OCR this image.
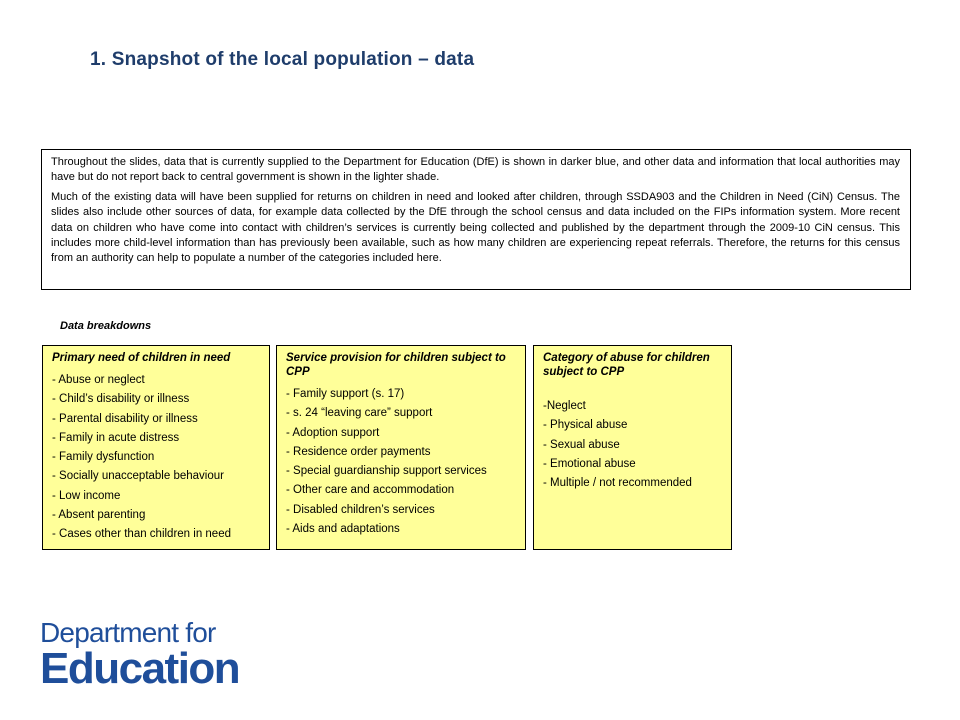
1. Snapshot of the local population – data

Throughout the slides, data that is currently supplied to the Department for Education (DfE) is shown in darker blue, and other data and information that local authorities may have but do not report back to central government is shown in the lighter shade.

Much of the existing data will have been supplied for returns on children in need and looked after children, through SSDA903 and the Children in Need (CiN) Census. The slides also include other sources of data, for example data collected by the DfE through the school census and data included on the FIPs information system. More recent data on children who have come into contact with children’s services is currently being collected and published by the department through the 2009-10 CiN census. This includes more child-level information than has previously been available, such as how many children are experiencing repeat referrals. Therefore, the returns for this census from an authority can help to populate a number of the categories included here.

Data breakdowns
Primary need of children in need
- Abuse or neglect
- Child’s disability or illness
- Parental disability or illness
- Family in acute distress
- Family dysfunction
- Socially unacceptable behaviour
- Low income
- Absent parenting
- Cases other than children in need
Service provision for children subject to CPP
- Family support (s. 17)
- s. 24 “leaving care” support
- Adoption support
- Residence order payments
- Special guardianship support services
- Other care and accommodation
- Disabled children’s services
- Aids and adaptations
Category of abuse for children subject to CPP
-Neglect
- Physical abuse
- Sexual abuse
- Emotional abuse
- Multiple / not recommended
Department for
Education
